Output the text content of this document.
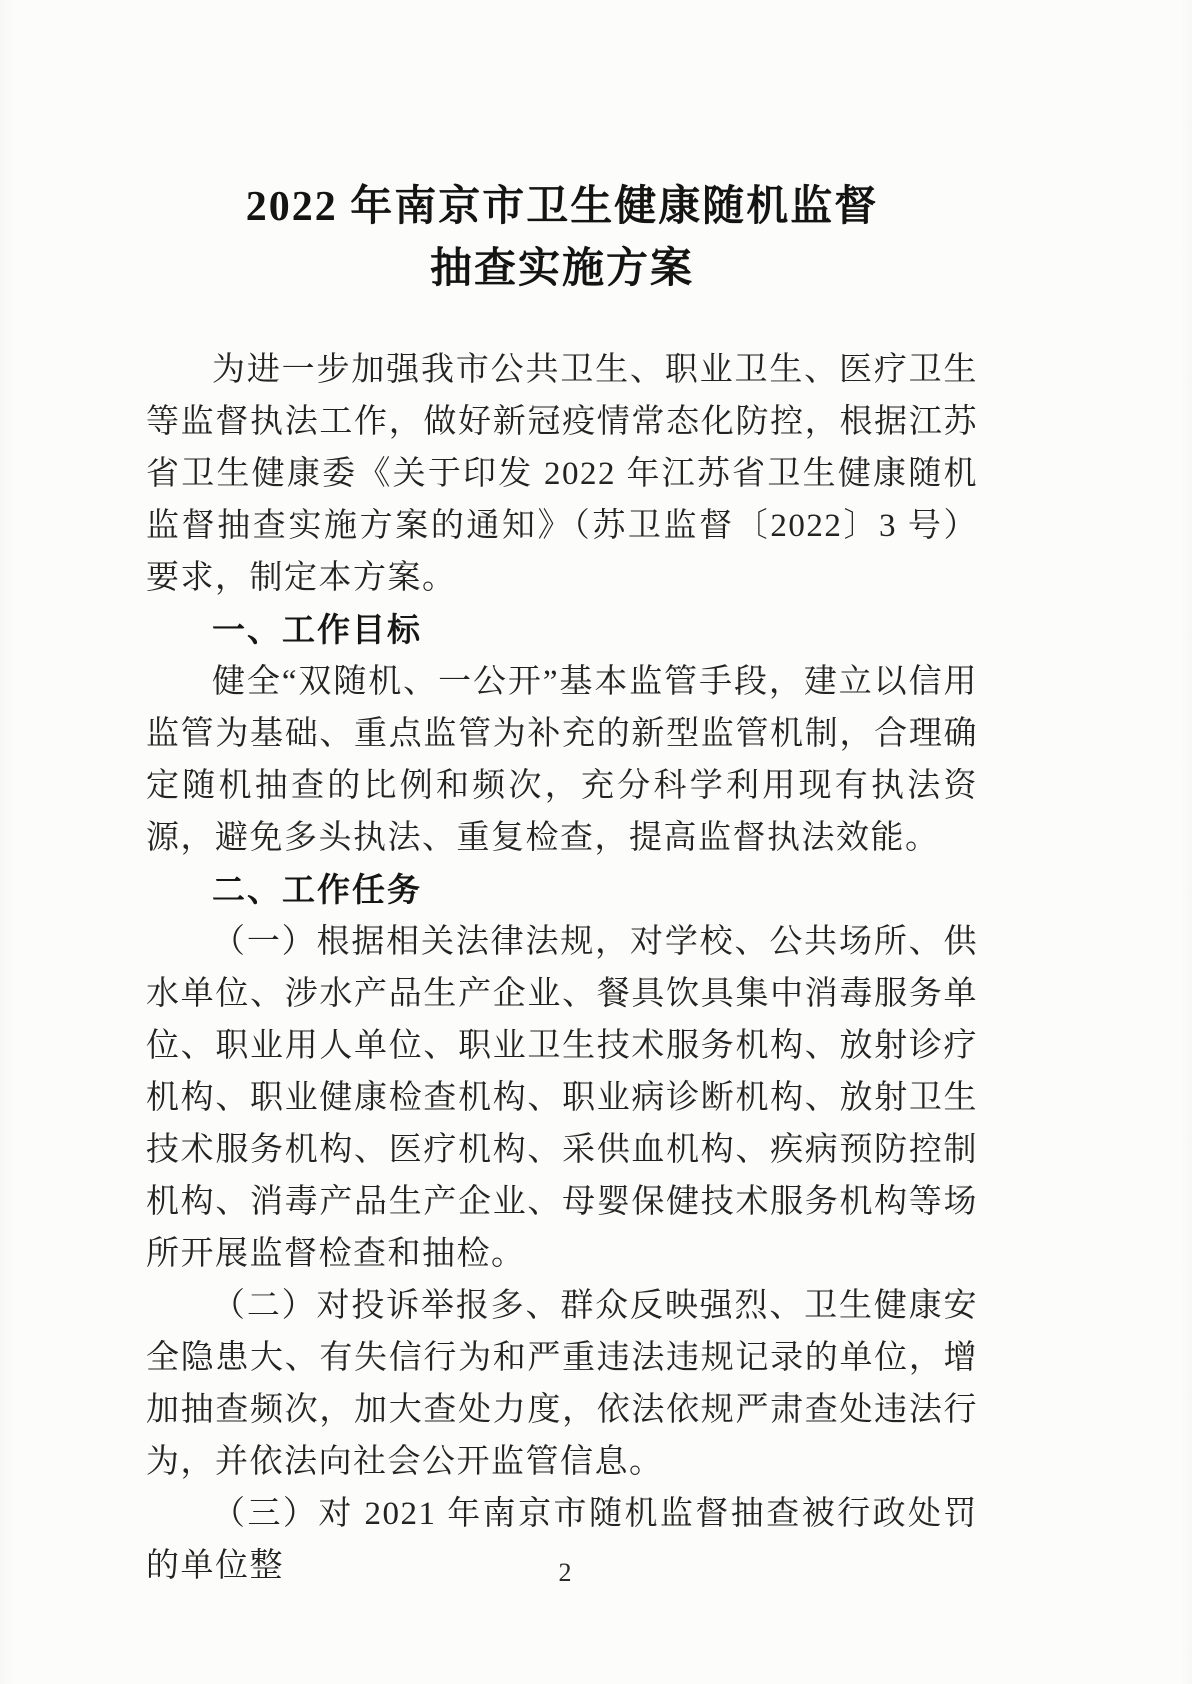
2022 年南京市卫生健康随机监督
抽查实施方案

为进一步加强我市公共卫生、职业卫生、医疗卫生等监督执法工作，做好新冠疫情常态化防控，根据江苏省卫生健康委《关于印发 2022 年江苏省卫生健康随机监督抽查实施方案的通知》（苏卫监督〔2022〕3 号）要求，制定本方案。

一、工作目标

健全“双随机、一公开”基本监管手段，建立以信用监管为基础、重点监管为补充的新型监管机制，合理确定随机抽查的比例和频次，充分科学利用现有执法资源，避免多头执法、重复检查，提高监督执法效能。

二、工作任务

（一）根据相关法律法规，对学校、公共场所、供水单位、涉水产品生产企业、餐具饮具集中消毒服务单位、职业用人单位、职业卫生技术服务机构、放射诊疗机构、职业健康检查机构、职业病诊断机构、放射卫生技术服务机构、医疗机构、采供血机构、疾病预防控制机构、消毒产品生产企业、母婴保健技术服务机构等场所开展监督检查和抽检。

（二）对投诉举报多、群众反映强烈、卫生健康安全隐患大、有失信行为和严重违法违规记录的单位，增加抽查频次，加大查处力度，依法依规严肃查处违法行为，并依法向社会公开监管信息。

（三）对 2021 年南京市随机监督抽查被行政处罚的单位整	2
